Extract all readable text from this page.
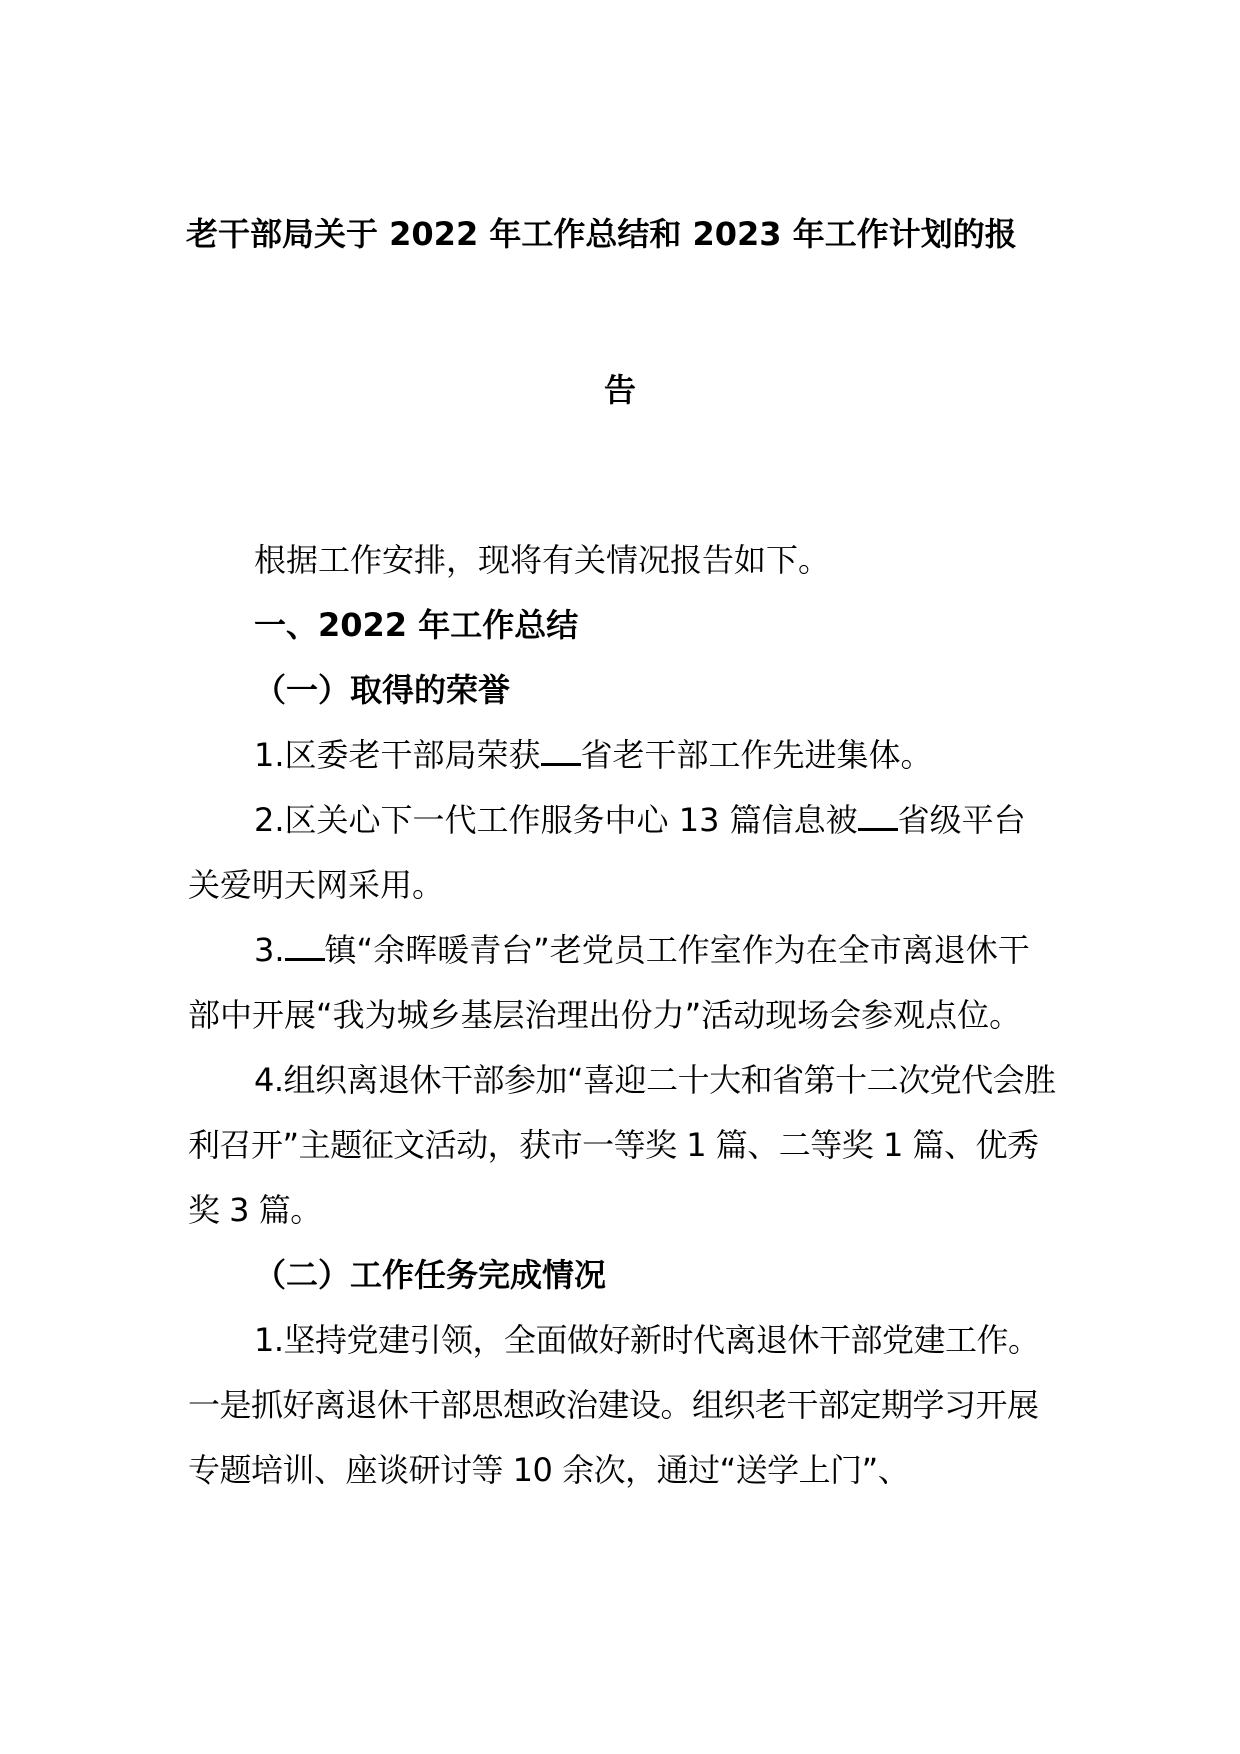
老干部局关于 2022 年工作总结和 2023 年工作计划的报
告

根据工作安排，现将有关情况报告如下。

一、2022 年工作总结

（一）取得的荣誉

1.区委老干部局荣获 省老干部工作先进集体。

2.区关心下一代工作服务中心 13 篇信息被 省级平台关爱明天网采用。

3. 镇“余晖暖青台”老党员工作室作为在全市离退休干部中开展“我为城乡基层治理出份力”活动现场会参观点位。

4.组织离退休干部参加“喜迎二十大和省第十二次党代会胜利召开”主题征文活动，获市一等奖 1 篇、二等奖 1 篇、优秀奖 3 篇。

（二）工作任务完成情况

1.坚持党建引领，全面做好新时代离退休干部党建工作。一是抓好离退休干部思想政治建设。组织老干部定期学习开展专题培训、座谈研讨等 10 余次，通过“送学上门”、
